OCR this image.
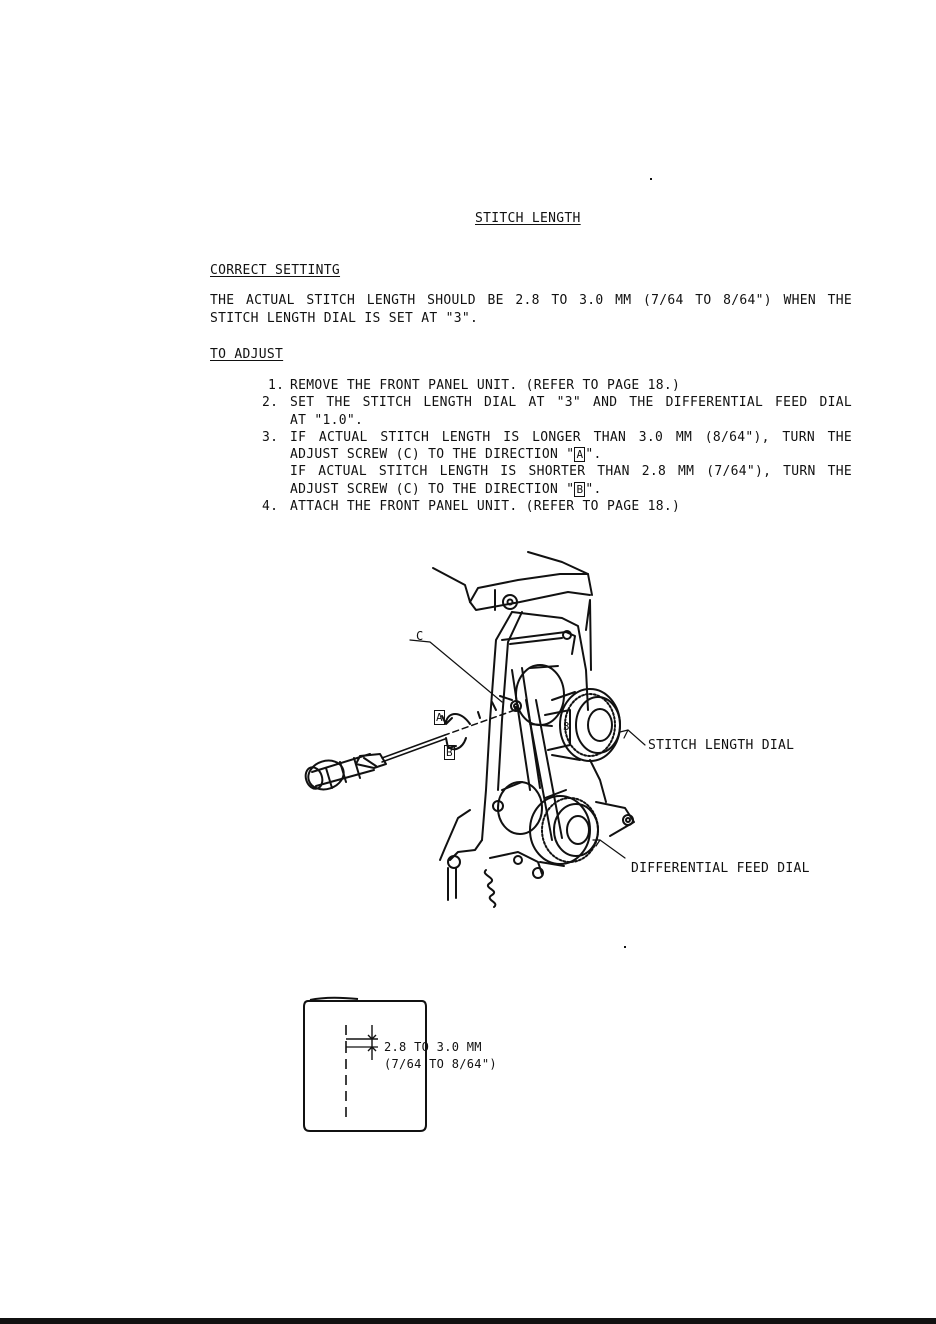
STITCH LENGTH
CORRECT SETTINTG
THE ACTUAL STITCH LENGTH SHOULD BE 2.8 TO 3.0 MM (7/64 TO 8/64") WHEN THE
STITCH LENGTH DIAL IS SET AT "3".
TO ADJUST
1. REMOVE THE FRONT PANEL UNIT. (REFER TO PAGE 18.)
2. SET THE STITCH LENGTH DIAL AT "3" AND THE DIFFERENTIAL FEED DIAL
AT "1.0".
3. IF ACTUAL STITCH LENGTH IS LONGER THAN 3.0 MM (8/64"), TURN THE
ADJUST SCREW (C) TO THE DIRECTION " A ".
IF ACTUAL STITCH LENGTH IS SHORTER THAN 2.8 MM (7/64"), TURN THE
ADJUST SCREW (C) TO THE DIRECTION " B ".
4. ATTACH THE FRONT PANEL UNIT. (REFER TO PAGE 18.)
C
A
B
3
STITCH LENGTH DIAL
DIFFERENTIAL FEED DIAL
2.8 TO 3.0 MM
(7/64 TO 8/64")
